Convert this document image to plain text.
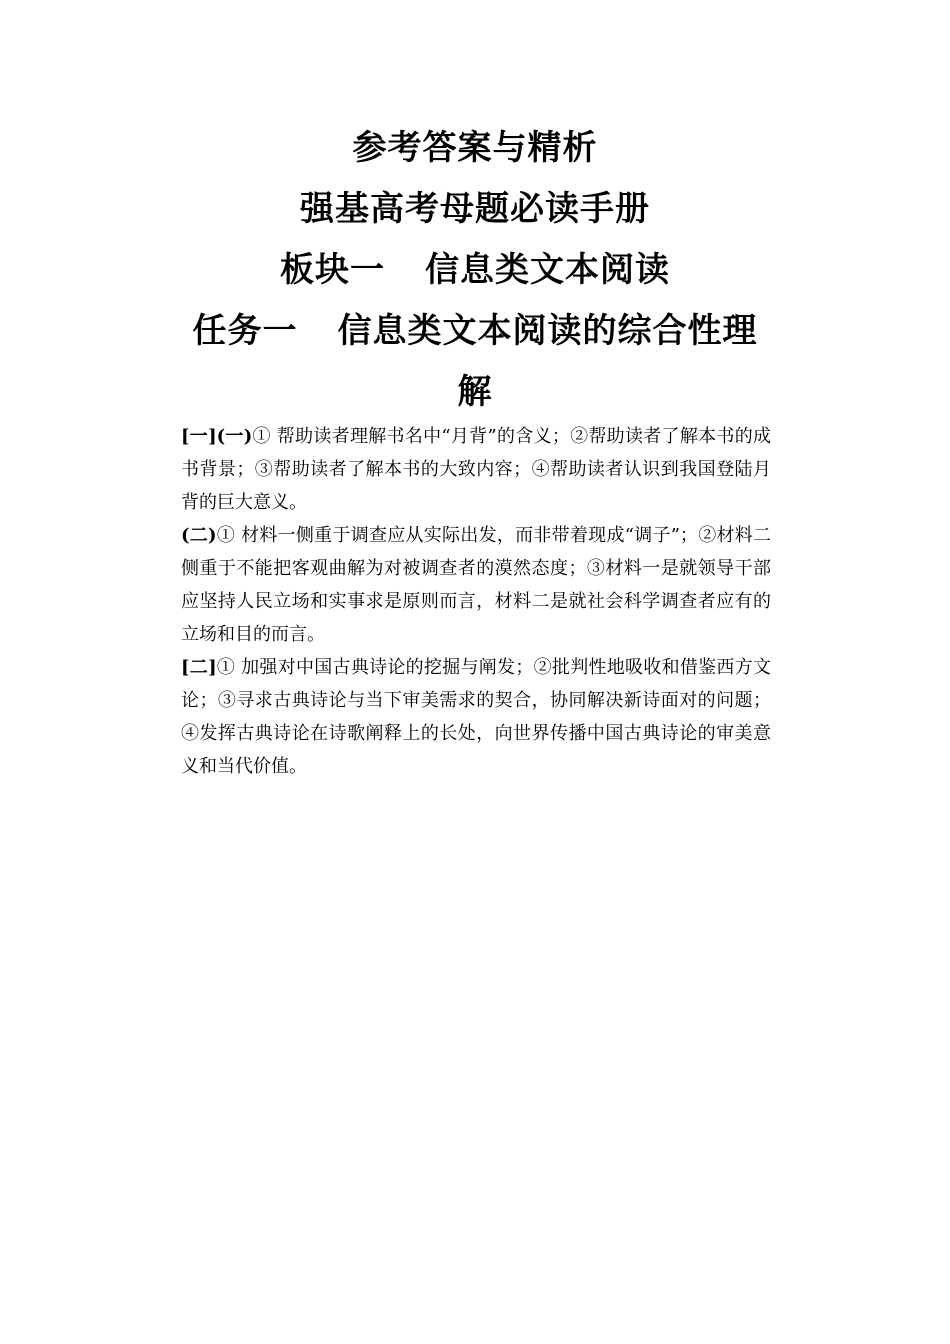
参考答案与精析

强基高考母题必读手册

板块一 信息类文本阅读

任务一 信息类文本阅读的综合性理

解

[一](一)① 帮助读者理解书名中“月背”的含义；②帮助读者了解本书的成书背景；③帮助读者了解本书的大致内容；④帮助读者认识到我国登陆月背的巨大意义。

(二)① 材料一侧重于调查应从实际出发，而非带着现成“调子”；②材料二侧重于不能把客观曲解为对被调查者的漠然态度；③材料一是就领导干部应坚持人民立场和实事求是原则而言，材料二是就社会科学调查者应有的立场和目的而言。

[二]① 加强对中国古典诗论的挖掘与阐发；②批判性地吸收和借鉴西方文论；③寻求古典诗论与当下审美需求的契合，协同解决新诗面对的问题；④发挥古典诗论在诗歌阐释上的长处，向世界传播中国古典诗论的审美意义和当代价值。
